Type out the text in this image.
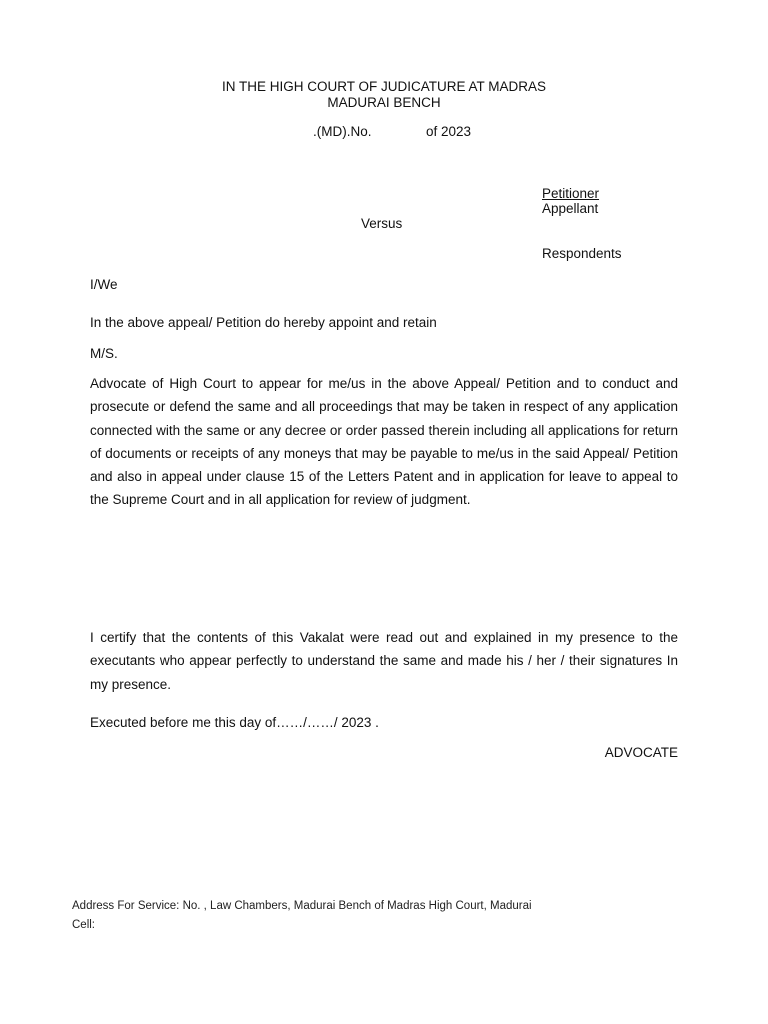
IN THE HIGH COURT OF JUDICATURE AT MADRAS
MADURAI BENCH
.(MD).No.	of 2023
Petitioner
Appellant
Versus
Respondents
I/We
In the above appeal/ Petition do hereby appoint and retain
M/S.

Advocate of High Court to appear for me/us in the above Appeal/ Petition and to conduct and prosecute or defend the same and all proceedings that may be taken in respect of any application connected with the same or any decree or order passed therein including all applications for return of documents or receipts of any moneys that may be payable to me/us in the said Appeal/ Petition and also in appeal under clause 15 of the Letters Patent and in application for leave to appeal to the Supreme Court and in all application for review of judgment.

I certify that the contents of this Vakalat were read out and explained in my presence to the executants who appear perfectly to understand the same and made his / her / their signatures In my presence.

Executed before me this day of……/……/ 2023 .
ADVOCATE
Address For Service: No. , Law Chambers, Madurai Bench of Madras High Court, Madurai
Cell:
